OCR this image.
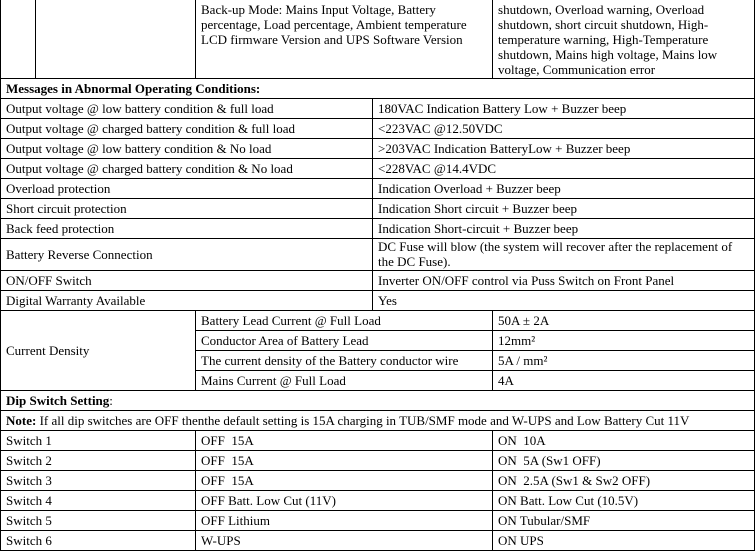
		Back-up Mode: Mains Input Voltage, Battery percentage, Load percentage, Ambient temperature LCD firmware Version and UPS Software Version		shutdown, Overload warning, Overload shutdown, short circuit shutdown, High-temperature warning, High-Temperature shutdown, Mains high voltage, Mains low voltage, Communication error
Messages in Abnormal Operating Conditions:				
Output voltage @ low battery condition & full load			180VAC Indication Battery Low + Buzzer beep	
Output voltage @ charged battery condition & full load			<223VAC @12.50VDC	
Output voltage @ low battery condition & No load			>203VAC Indication BatteryLow + Buzzer beep	
Output voltage @ charged battery condition & No load			<228VAC @14.4VDC	
Overload protection			Indication Overload + Buzzer beep	
Short circuit protection			Indication Short circuit + Buzzer beep	
Back feed protection			Indication Short-circuit + Buzzer beep	
Battery Reverse Connection			DC Fuse will blow (the system will recover after the replacement of the DC Fuse).	
ON/OFF Switch			Inverter ON/OFF control via Puss Switch on Front Panel	
Digital Warranty Available			Yes	
Current Density		Battery Lead Current @ Full Load		50A ± 2A
		Conductor Area of Battery Lead		12mm²
		The current density of the Battery conductor wire		5A / mm²
		Mains Current @ Full Load		4A
Dip Switch Setting:				
Note: If all dip switches are OFF thenthe default setting is 15A charging in TUB/SMF mode and W-UPS and Low Battery Cut 11V				
Switch 1		OFF  15A		ON  10A
Switch 2		OFF  15A		ON  5A (Sw1 OFF)
Switch 3		OFF  15A		ON  2.5A (Sw1 & Sw2 OFF)
Switch 4		OFF Batt. Low Cut (11V)		ON Batt. Low Cut (10.5V)
Switch 5		OFF Lithium		ON Tubular/SMF
Switch 6		W-UPS		ON UPS
